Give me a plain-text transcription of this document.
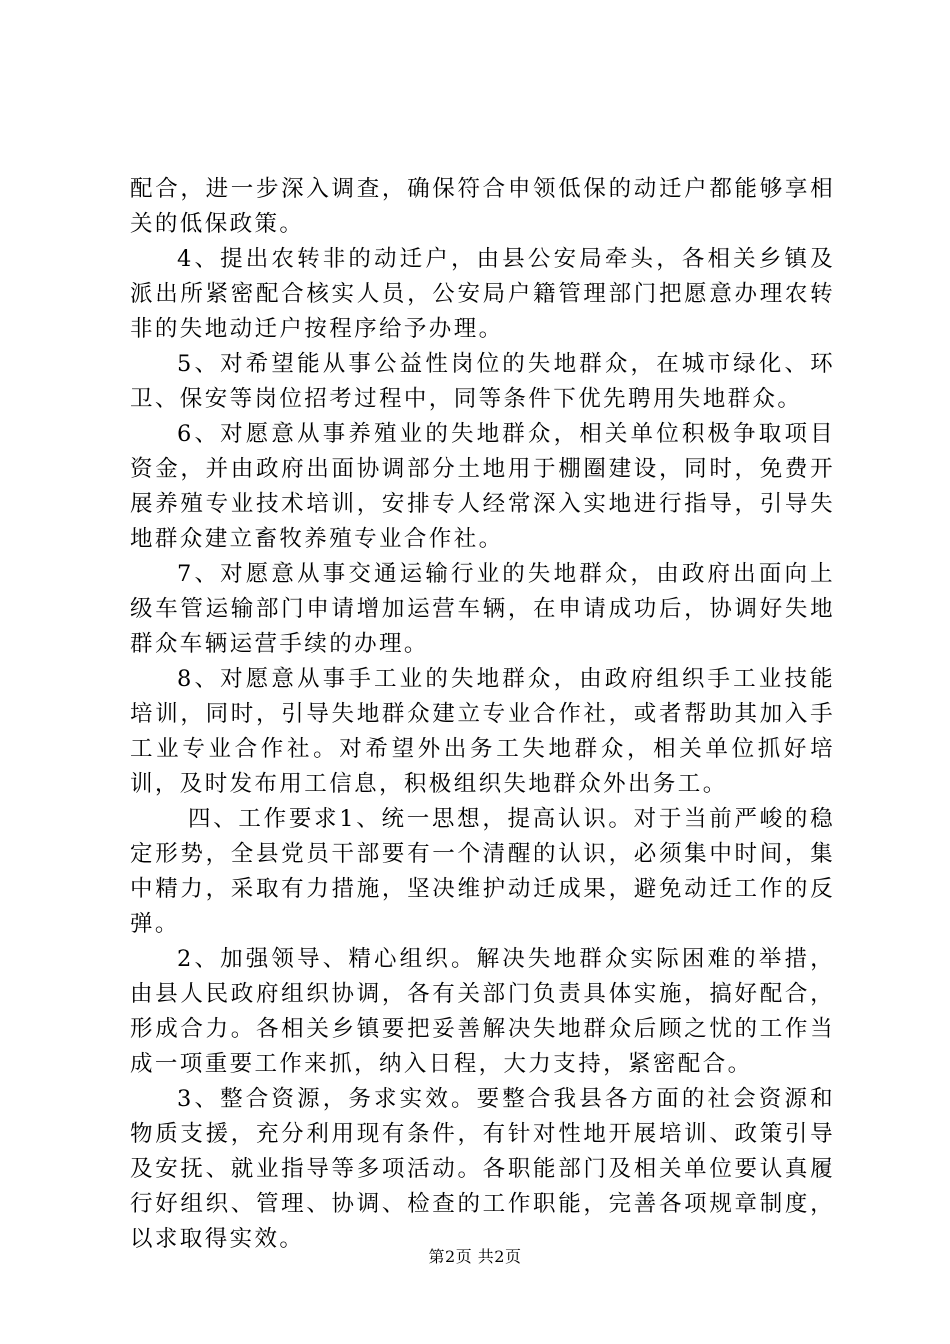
配合，进一步深入调查，确保符合申领低保的动迁户都能够享相关的低保政策。

4、提出农转非的动迁户，由县公安局牵头，各相关乡镇及派出所紧密配合核实人员，公安局户籍管理部门把愿意办理农转非的失地动迁户按程序给予办理。

5、对希望能从事公益性岗位的失地群众，在城市绿化、环卫、保安等岗位招考过程中，同等条件下优先聘用失地群众。

6、对愿意从事养殖业的失地群众，相关单位积极争取项目资金，并由政府出面协调部分土地用于棚圈建设，同时，免费开展养殖专业技术培训，安排专人经常深入实地进行指导，引导失地群众建立畜牧养殖专业合作社。

7、对愿意从事交通运输行业的失地群众，由政府出面向上级车管运输部门申请增加运营车辆，在申请成功后，协调好失地群众车辆运营手续的办理。

8、对愿意从事手工业的失地群众，由政府组织手工业技能培训，同时，引导失地群众建立专业合作社，或者帮助其加入手工业专业合作社。对希望外出务工失地群众，相关单位抓好培训，及时发布用工信息，积极组织失地群众外出务工。

四、工作要求1、统一思想，提高认识。对于当前严峻的稳定形势，全县党员干部要有一个清醒的认识，必须集中时间，集中精力，采取有力措施，坚决维护动迁成果，避免动迁工作的反弹。

2、加强领导、精心组织。解决失地群众实际困难的举措，由县人民政府组织协调，各有关部门负责具体实施，搞好配合，形成合力。各相关乡镇要把妥善解决失地群众后顾之忧的工作当成一项重要工作来抓，纳入日程，大力支持，紧密配合。

3、整合资源，务求实效。要整合我县各方面的社会资源和物质支援，充分利用现有条件，有针对性地开展培训、政策引导及安抚、就业指导等多项活动。各职能部门及相关单位要认真履行好组织、管理、协调、检查的工作职能，完善各项规章制度，以求取得实效。

第2页 共2页
